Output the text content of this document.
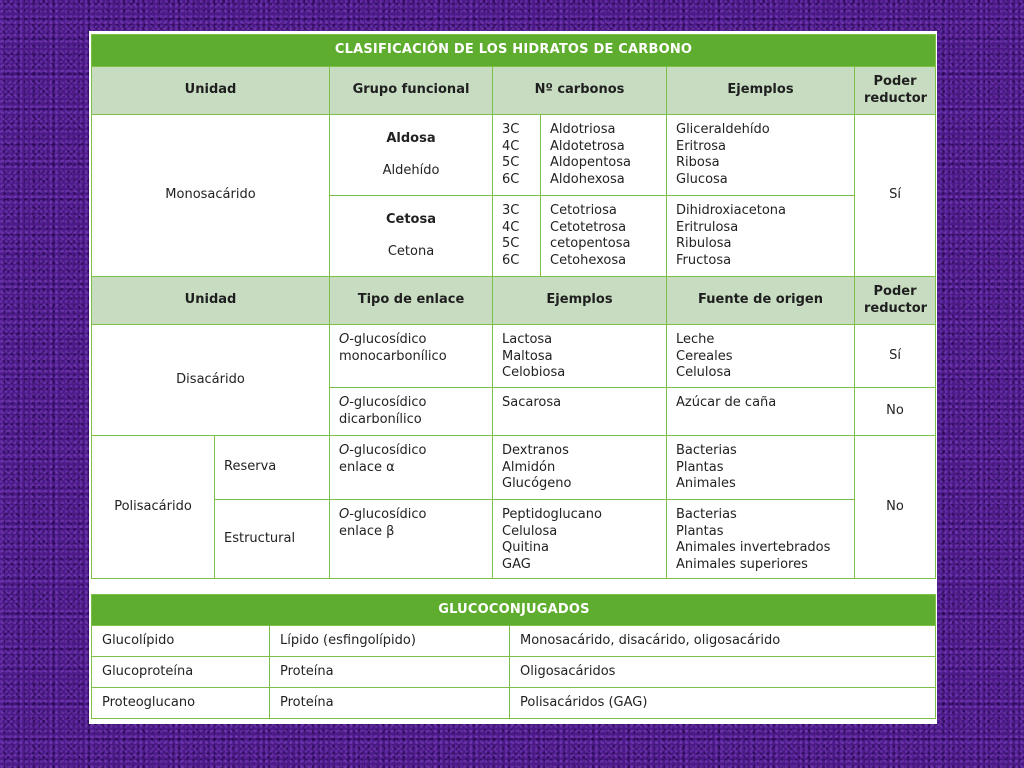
CLASIFICACIÓN DE LOS HIDRATOS DE CARBONO						
Unidad		Grupo funcional	Nº carbonos		Ejemplos	Poder
reductor
Monosacárido		Aldosa
Aldehído	3C
4C
5C
6C	Aldotriosa
Aldotetrosa
Aldopentosa
Aldohexosa	Gliceraldehído
Eritrosa
Ribosa
Glucosa	Sí

		Cetosa
Cetona	3C
4C
5C
6C	Cetotriosa
Cetotetrosa
cetopentosa
Cetohexosa	Dihidroxiacetona
Eritrulosa
Ribulosa
Fructosa	

Unidad		Tipo de enlace	Ejemplos		Fuente de origen	Poder
reductor
Disacárido		O-glucosídico
monocarbonílico	Lactosa
Maltosa
Celobiosa		Leche
Cereales
Celulosa	Sí
		O-glucosídico
dicarbonílico	Sacarosa		Azúcar de caña	No
Polisacárido	Reserva	O-glucosídico
enlace α	Dextranos
Almidón
Glucógeno		Bacterias
Plantas
Animales	No
	Estructural	O-glucosídico
enlace β	Peptidoglucano
Celulosa
Quitina
GAG		Bacterias
Plantas
Animales invertebrados
Animales superiores	
GLUCOCONJUGADOS		
Glucolípido	Lípido (esfingolípido)	Monosacárido, disacárido, oligosacárido
Glucoproteína	Proteína	Oligosacáridos
Proteoglucano	Proteína	Polisacáridos (GAG)
